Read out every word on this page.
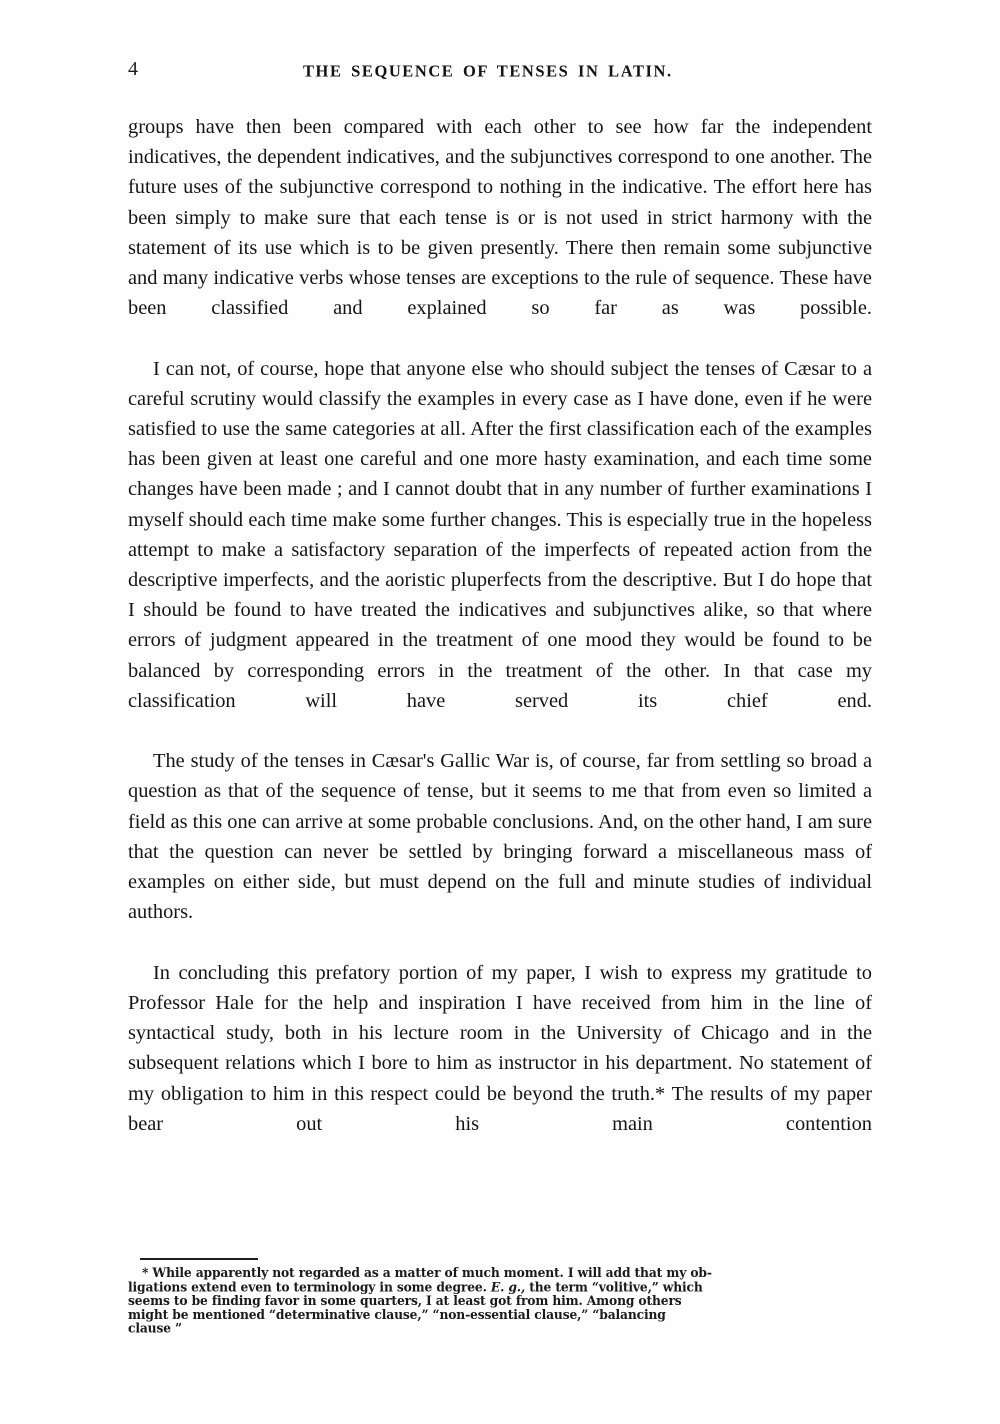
4	THE SEQUENCE OF TENSES IN LATIN.

groups have then been compared with each other to see how far the independent indicatives, the dependent indicatives, and the subjunctives correspond to one another. The future uses of the subjunctive correspond to nothing in the indicative. The effort here has been simply to make sure that each tense is or is not used in strict harmony with the statement of its use which is to be given presently. There then remain some subjunctive and many indicative verbs whose tenses are exceptions to the rule of sequence. These have been classified and explained so far as was possible.

I can not, of course, hope that anyone else who should subject the tenses of Cæsar to a careful scrutiny would classify the examples in every case as I have done, even if he were satisfied to use the same categories at all. After the first classification each of the examples has been given at least one careful and one more hasty examination, and each time some changes have been made ; and I cannot doubt that in any number of further examinations I myself should each time make some further changes. This is especially true in the hopeless attempt to make a satisfactory separation of the imperfects of repeated action from the descriptive imperfects, and the aoristic pluperfects from the descriptive. But I do hope that I should be found to have treated the indicatives and subjunctives alike, so that where errors of judgment appeared in the treatment of one mood they would be found to be balanced by corresponding errors in the treatment of the other. In that case my classification will have served its chief end.

The study of the tenses in Cæsar's Gallic War is, of course, far from settling so broad a question as that of the sequence of tense, but it seems to me that from even so limited a field as this one can arrive at some probable conclusions. And, on the other hand, I am sure that the question can never be settled by bringing forward a miscellaneous mass of examples on either side, but must depend on the full and minute studies of individual authors.

In concluding this prefatory portion of my paper, I wish to express my gratitude to Professor Hale for the help and inspiration I have received from him in the line of syntactical study, both in his lecture room in the University of Chicago and in the subsequent relations which I bore to him as instructor in his department. No statement of my obligation to him in this respect could be beyond the truth.* The results of my paper bear out his main contention

* While apparently not regarded as a matter of much moment. I will add that my ob-
ligations extend even to terminology in some degree. E. g., the term “volitive,” which
seems to be finding favor in some quarters, I at least got from him. Among others
might be mentioned “determinative clause,” “non-essential clause,” “balancing
clause ”
